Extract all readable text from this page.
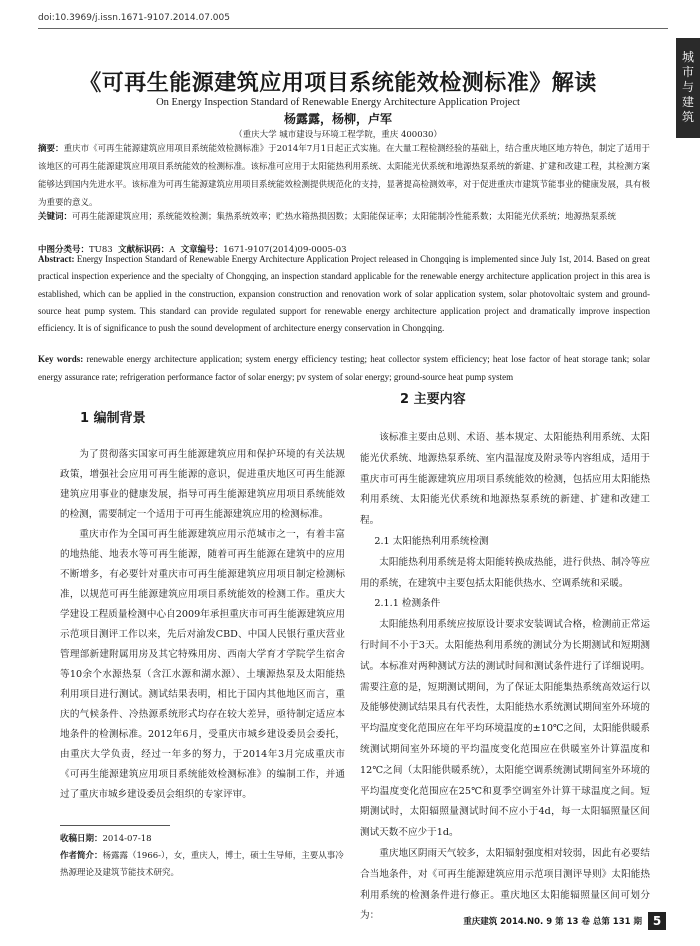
doi:10.3969/j.issn.1671-9107.2014.07.005
城
市
与
建
筑
《可再生能源建筑应用项目系统能效检测标准》解读
On Energy Inspection Standard of Renewable Energy Architecture Application Project
杨露露，杨柳，卢军
（重庆大学 城市建设与环境工程学院，重庆 400030）
摘要：重庆市《可再生能源建筑应用项目系统能效检测标准》于2014年7月1日起正式实施。在大量工程检测经验的基础上，结合重庆地区地方特色，制定了适用于该地区的可再生能源建筑应用项目系统能效的检测标准。该标准可应用于太阳能热利用系统、太阳能光伏系统和地源热泵系统的新建、扩建和改建工程，其检测方案能够达到国内先进水平。该标准为可再生能源建筑应用项目系统能效检测提供规范化的支持，显著提高检测效率，对于促进重庆市建筑节能事业的健康发展，具有极为重要的意义。
关键词：可再生能源建筑应用；系统能效检测；集热系统效率；贮热水箱热损因数；太阳能保证率；太阳能制冷性能系数；太阳能光伏系统；地源热泵系统
中图分类号：TU83 文献标识码：A 文章编号：1671-9107(2014)09-0005-03
Abstract: Energy Inspection Standard of Renewable Energy Architecture Application Project released in Chongqing is implemented since July 1st, 2014. Based on great practical inspection experience and the specialty of Chongqing, an inspection standard applicable for the renewable energy architecture application project in this area is established, which can be applied in the construction, expansion construction and renovation work of solar application system, solar photovoltaic system and ground-source heat pump system. This standard can provide regulated support for renewable energy architecture application project and dramatically improve inspection efficiency. It is of significance to push the sound development of architecture energy conservation in Chongqing.
Key words: renewable energy architecture application; system energy efficiency testing; heat collector system efficiency; heat lose factor of heat storage tank; solar energy assurance rate; refrigeration performance factor of solar energy; pv system of solar energy; ground-source heat pump system
1 编制背景
2 主要内容

为了贯彻落实国家可再生能源建筑应用和保护环境的有关法规政策，增强社会应用可再生能源的意识，促进重庆地区可再生能源建筑应用事业的健康发展，指导可再生能源建筑应用项目系统能效的检测，需要制定一个适用于可再生能源建筑应用的检测标准。

重庆市作为全国可再生能源建筑应用示范城市之一，有着丰富的地热能、地表水等可再生能源，随着可再生能源在建筑中的应用不断增多，有必要针对重庆市可再生能源建筑应用项目制定检测标准，以规范可再生能源建筑应用项目系统能效的检测工作。重庆大学建设工程质量检测中心自2009年承担重庆市可再生能源建筑应用示范项目测评工作以来，先后对渝发CBD、中国人民银行重庆营业管理部新建附属用房及其它特殊用房、西南大学育才学院学生宿舍等10余个水源热泵（含江水源和湖水源）、土壤源热泵及太阳能热利用项目进行测试。测试结果表明，相比于国内其他地区而言，重庆的气候条件、冷热源系统形式均存在较大差异，亟待制定适应本地条件的检测标准。2012年6月，受重庆市城乡建设委员会委托，由重庆大学负责，经过一年多的努力，于2014年3月完成重庆市《可再生能源建筑应用项目系统能效检测标准》的编制工作，并通过了重庆市城乡建设委员会组织的专家评审。

该标准主要由总则、术语、基本规定、太阳能热利用系统、太阳能光伏系统、地源热泵系统、室内温湿度及附录等内容组成，适用于重庆市可再生能源建筑应用项目系统能效的检测，包括应用太阳能热利用系统、太阳能光伏系统和地源热泵系统的新建、扩建和改建工程。

2.1 太阳能热利用系统检测

太阳能热利用系统是将太阳能转换成热能，进行供热、制冷等应用的系统，在建筑中主要包括太阳能供热水、空调系统和采暖。

2.1.1 检测条件

太阳能热利用系统应按原设计要求安装调试合格，检测前正常运行时间不小于3天。太阳能热利用系统的测试分为长期测试和短期测试。本标准对两种测试方法的测试时间和测试条件进行了详细说明。需要注意的是，短期测试期间，为了保证太阳能集热系统高效运行以及能够使测试结果具有代表性，太阳能热水系统测试期间室外环境的平均温度变化范围应在年平均环境温度的±10℃之间，太阳能供暖系统测试期间室外环境的平均温度变化范围应在供暖室外计算温度和12℃之间（太阳能供暖系统），太阳能空调系统测试期间室外环境的平均温度变化范围应在25℃和夏季空调室外计算干球温度之间。短期测试时，太阳辐照量测试时间不应小于4d，每一太阳辐照量区间测试天数不应少于1d。

重庆地区阴雨天气较多，太阳辐射强度相对较弱，因此有必要结合当地条件，对《可再生能源建筑应用示范项目测评导则》太阳能热利用系统的检测条件进行修正。重庆地区太阳能辐照量区间可划分为：

收稿日期：2014-07-18
作者简介：杨露露（1966-），女，重庆人，博士，硕士生导师，主要从事冷热源理论及建筑节能技术研究。
重庆建筑 2014.N0. 9 第 13 卷 总第 131 期 5
